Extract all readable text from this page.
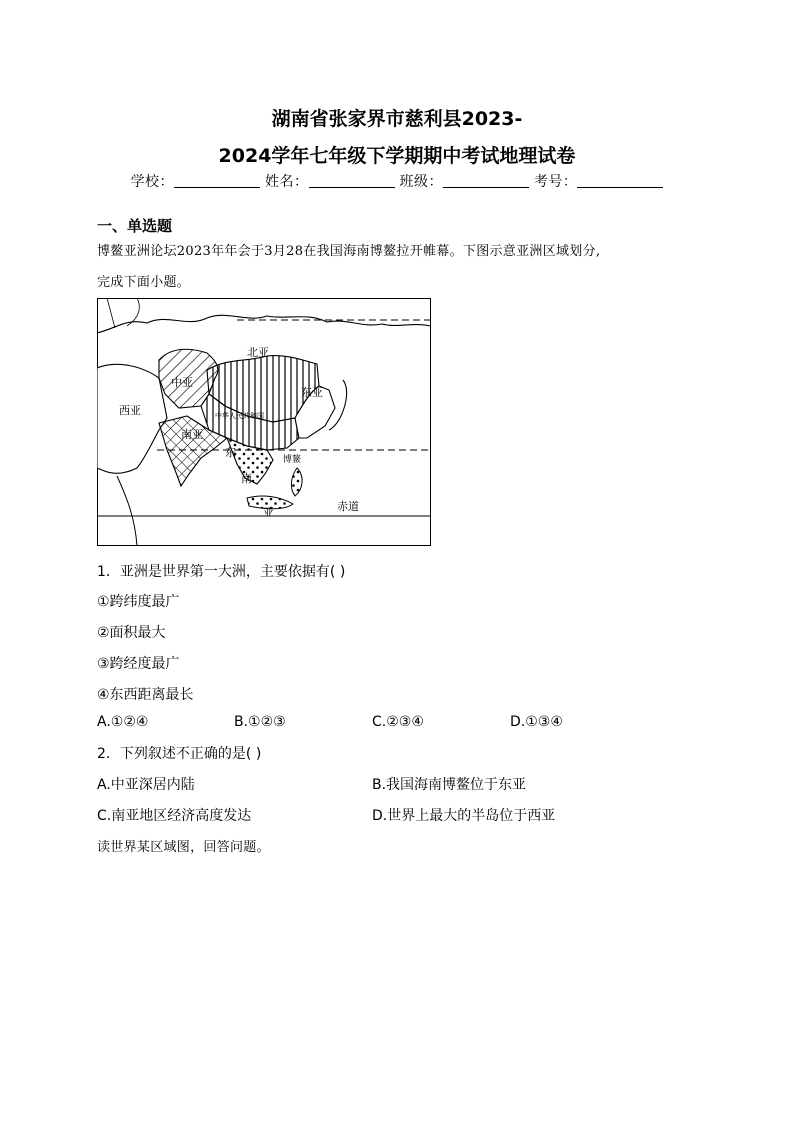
湖南省张家界市慈利县2023-
2024学年七年级下学期期中考试地理试卷
学校：	姓名：	班级：	考号：
一、单选题
博鳌亚洲论坛2023年年会于3月28在我国海南博鳌拉开帷幕。下图示意亚洲区域划分,
完成下面小题。
北亚
中亚
西亚
东亚
中华人民共和国
南亚
东
南
亚
博鳌
赤道
1．亚洲是世界第一大洲，主要依据有( )
①跨纬度最广
②面积最大
③跨经度最广
④东西距离最长
A.①②④	B.①②③	C.②③④	D.①③④
2．下列叙述不正确的是( )
A.中亚深居内陆	B.我国海南博鳌位于东亚
C.南亚地区经济高度发达	D.世界上最大的半岛位于西亚
读世界某区域图，回答问题。
